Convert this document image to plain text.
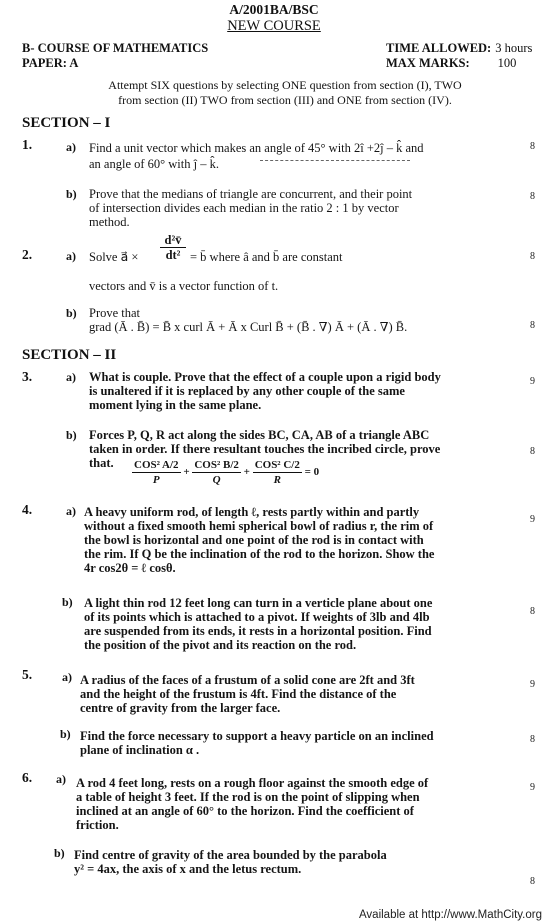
A/2001BA/BSC
NEW COURSE
B- COURSE OF MATHEMATICS
PAPER: A
TIME ALLOWED: 3 hours
MAX MARKS: 100
Attempt SIX questions by selecting ONE question from section (I), TWO
from section (II) TWO from section (III) and ONE from section (IV).
SECTION – I
1.	a) Find a unit vector which makes an angle of 45° with 2î +2ĵ – k̂ and
an angle of 60° with ĵ – k̂.
8
b) Prove that the medians of triangle are concurrent, and their point
of intersection divides each median in the ratio 2 : 1 by vector
method.
8
2.	a) Solve a⃗ ×
d²v̄
dt² = b̄ where â and b̄ are constant
vectors and v̄ is a vector function of t.
8
b) Prove that
grad (Ā . B̄) = B̄ x curl Ā + Ā x Curl B̄ + (B̄ . ∇) Ā + (Ā . ∇) B̄.	8
SECTION – II
3.	a) What is couple. Prove that the effect of a couple upon a rigid body
is unaltered if it is replaced by any other couple of the same
moment lying in the same plane.
9
b) Forces P, Q, R act along the sides BC, CA, AB of a triangle ABC
taken in order. If there resultant touches the incribed circle, prove
that.	$\frac{\text{COS² A/2}}{P} + \frac{\text{COS² B/2}}{Q} + \frac{\text{COS² C/2}}{R} = 0$
8
4.	a) A heavy uniform rod, of length ℓ, rests partly within and partly
without a fixed smooth hemi spherical bowl of radius r, the rim of
the bowl is horizontal and one point of the rod is in contact with
the rim. If Q be the inclination of the rod to the horizon. Show the
4r cos2θ = ℓ cosθ.
9
b) A light thin rod 12 feet long can turn in a verticle plane about one
of its points which is attached to a pivot. If weights of 3lb and 4lb
are suspended from its ends, it rests in a horizontal position. Find
the position of the pivot and its reaction on the rod.
8
5. a) A radius of the faces of a frustum of a solid cone are 2ft and 3ft
and the height of the frustum is 4ft. Find the distance of the
centre of gravity from the larger face.
9
b) Find the force necessary to support a heavy particle on an inclined
plane of inclination α .
8
6. a) A rod 4 feet long, rests on a rough floor against the smooth edge of
a table of height 3 feet. If the rod is on the point of slipping when
inclined at an angle of 60° to the horizon. Find the coefficient of
friction.
9
b) Find centre of gravity of the area bounded by the parabola
y² = 4ax, the axis of x and the letus rectum.
8
Available at http://www.MathCity.org
